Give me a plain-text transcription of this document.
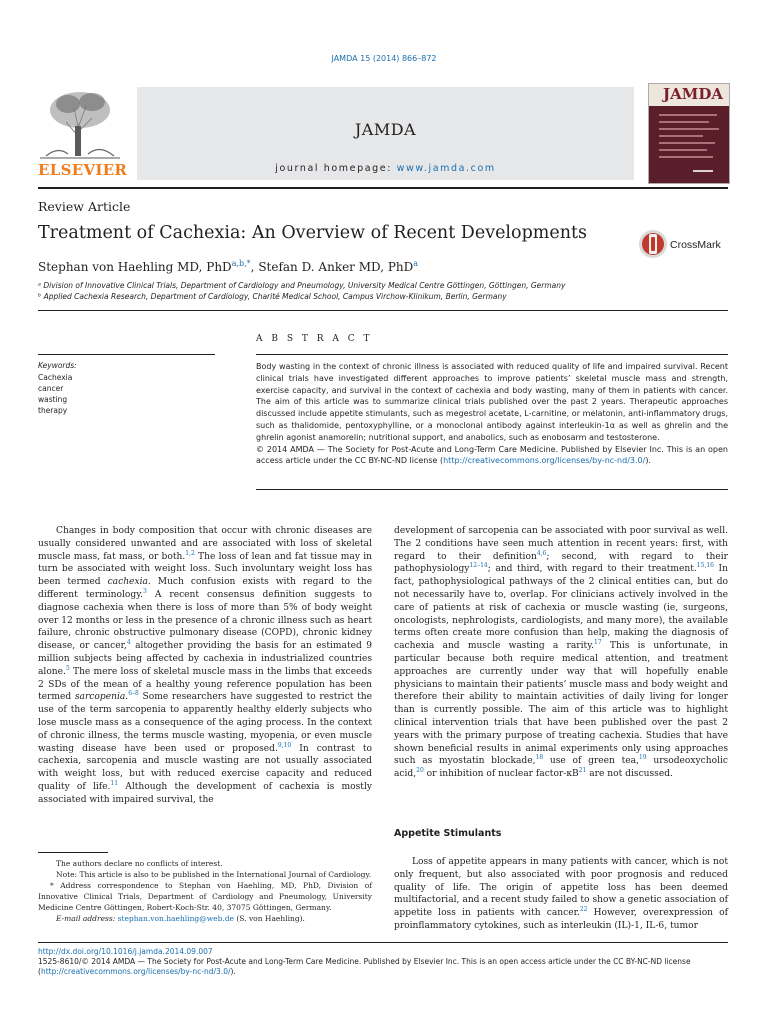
JAMDA 15 (2014) 866–872
ELSEVIER
JAMDA
journal homepage: www.jamda.com
JAMDA
Review Article
Treatment of Cachexia: An Overview of Recent Developments
CrossMark
Stephan von Haehling MD, PhD$^{a,b,*}$, Stefan D. Anker MD, PhD$^a$
ᵃ Division of Innovative Clinical Trials, Department of Cardiology and Pneumology, University Medical Centre Göttingen, Göttingen, Germany
ᵇ Applied Cachexia Research, Department of Cardiology, Charité Medical School, Campus Virchow-Klinikum, Berlin, Germany
A B S T R A C T
Keywords:
Cachexia
cancer
wasting
therapy
Body wasting in the context of chronic illness is associated with reduced quality of life and impaired survival. Recent clinical trials have investigated different approaches to improve patients’ skeletal muscle mass and strength, exercise capacity, and survival in the context of cachexia and body wasting, many of them in patients with cancer. The aim of this article was to summarize clinical trials published over the past 2 years. Therapeutic approaches discussed include appetite stimulants, such as megestrol acetate, L-carnitine, or melatonin, anti-inflammatory drugs, such as thalidomide, pentoxyphylline, or a monoclonal antibody against interleukin-1α as well as ghrelin and the ghrelin agonist anamorelin; nutritional support, and anabolics, such as enobosarm and testosterone.
© 2014 AMDA — The Society for Post-Acute and Long-Term Care Medicine. Published by Elsevier Inc. This is an open access article under the CC BY-NC-ND license (http://creativecommons.org/licenses/by-nc-nd/3.0/).
Changes in body composition that occur with chronic diseases are usually considered unwanted and are associated with loss of skeletal muscle mass, fat mass, or both.$^{1,2}$ The loss of lean and fat tissue may in turn be associated with weight loss. Such involuntary weight loss has been termed cachexia. Much confusion exists with regard to the different terminology.$^3$ A recent consensus definition suggests to diagnose cachexia when there is loss of more than 5% of body weight over 12 months or less in the presence of a chronic illness such as heart failure, chronic obstructive pulmonary disease (COPD), chronic kidney disease, or cancer,$^4$ altogether providing the basis for an estimated 9 million subjects being affected by cachexia in industrialized countries alone.$^5$ The mere loss of skeletal muscle mass in the limbs that exceeds 2 SDs of the mean of a healthy young reference population has been termed sarcopenia.$^{6-8}$ Some researchers have suggested to restrict the use of the term sarcopenia to apparently healthy elderly subjects who lose muscle mass as a consequence of the aging process. In the context of chronic illness, the terms muscle wasting, myopenia, or even muscle wasting disease have been used or proposed.$^{9,10}$ In contrast to cachexia, sarcopenia and muscle wasting are not usually associated with weight loss, but with reduced exercise capacity and reduced quality of life.$^{11}$ Although the development of cachexia is mostly associated with impaired survival, the
development of sarcopenia can be associated with poor survival as well. The 2 conditions have seen much attention in recent years: first, with regard to their definition$^{4,6}$; second, with regard to their pathophysiology$^{12-14}$; and third, with regard to their treatment.$^{15,16}$ In fact, pathophysiological pathways of the 2 clinical entities can, but do not necessarily have to, overlap. For clinicians actively involved in the care of patients at risk of cachexia or muscle wasting (ie, surgeons, oncologists, nephrologists, cardiologists, and many more), the available terms often create more confusion than help, making the diagnosis of cachexia and muscle wasting a rarity.$^{17}$ This is unfortunate, in particular because both require medical attention, and treatment approaches are currently under way that will hopefully enable physicians to maintain their patients’ muscle mass and body weight and therefore their ability to maintain activities of daily living for longer than is currently possible. The aim of this article was to highlight clinical intervention trials that have been published over the past 2 years with the primary purpose of treating cachexia. Studies that have shown beneficial results in animal experiments only using approaches such as myostatin blockade,$^{18}$ use of green tea,$^{19}$ ursodeoxycholic acid,$^{20}$ or inhibition of nuclear factor-$\kappa B^{21}$ are not discussed.
Appetite Stimulants
Loss of appetite appears in many patients with cancer, which is not only frequent, but also associated with poor prognosis and reduced quality of life. The origin of appetite loss has been deemed multifactorial, and a recent study failed to show a genetic association of appetite loss in patients with cancer.$^{22}$ However, overexpression of proinflammatory cytokines, such as interleukin (IL)-1, IL-6, tumor

The authors declare no conflicts of interest.

Note: This article is also to be published in the International Journal of Cardiology.

* Address correspondence to Stephan von Haehling, MD, PhD, Division of Innovative Clinical Trials, Department of Cardiology and Pneumology, University Medicine Centre Göttingen, Robert-Koch-Str. 40, 37075 Göttingen, Germany.

E-mail address: stephan.von.haehling@web.de (S. von Haehling).

http://dx.doi.org/10.1016/j.jamda.2014.09.007
1525-8610/© 2014 AMDA — The Society for Post-Acute and Long-Term Care Medicine. Published by Elsevier Inc. This is an open access article under the CC BY-NC-ND license (http://creativecommons.org/licenses/by-nc-nd/3.0/).
